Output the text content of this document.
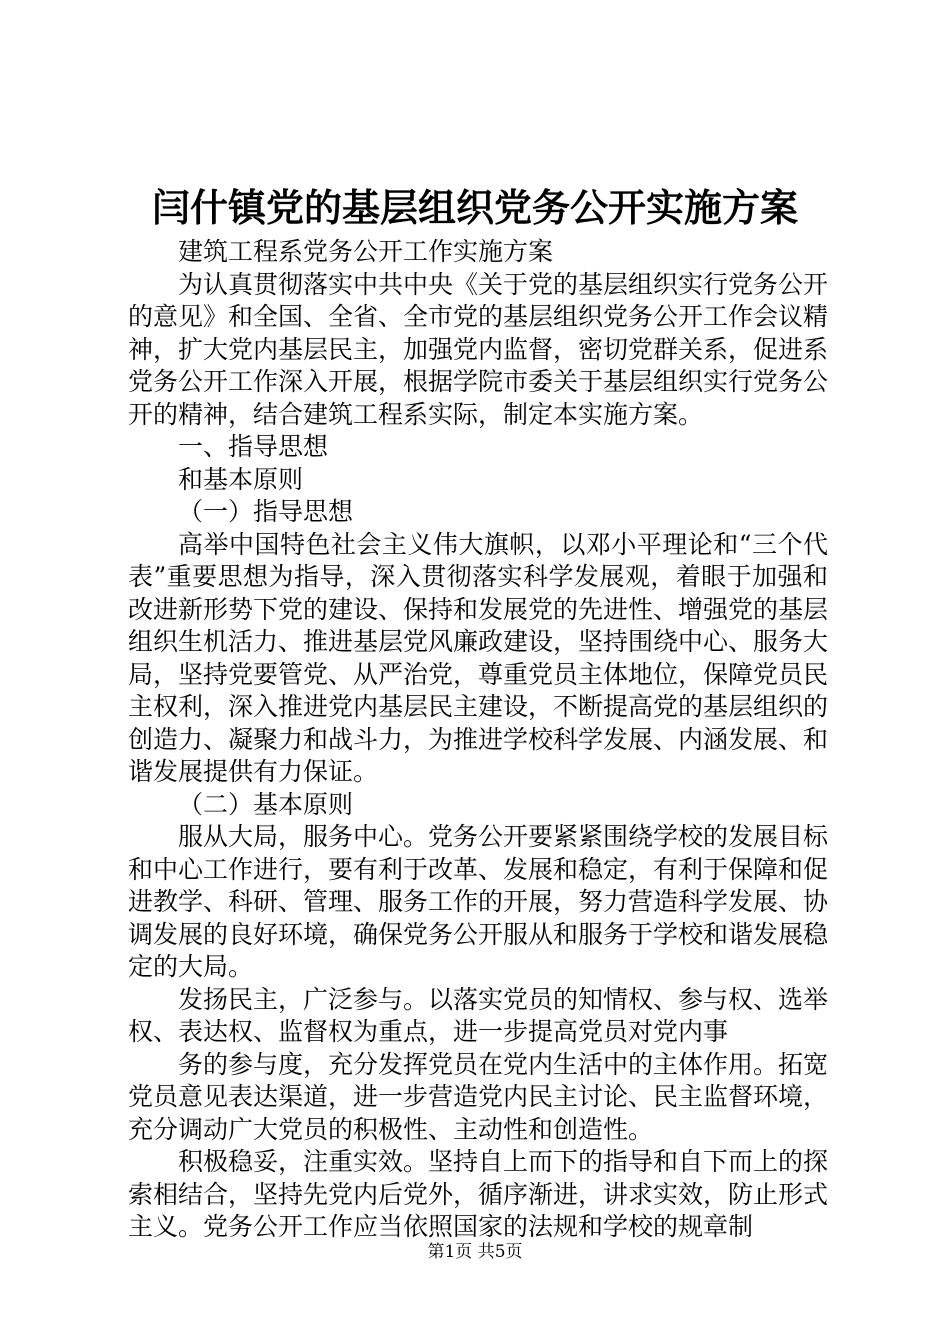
闫什镇党的基层组织党务公开实施方案

建筑工程系党务公开工作实施方案

为认真贯彻落实中共中央《关于党的基层组织实行党务公开的意见》和全国、全省、全市党的基层组织党务公开工作会议精神，扩大党内基层民主，加强党内监督，密切党群关系，促进系党务公开工作深入开展，根据学院市委关于基层组织实行党务公开的精神，结合建筑工程系实际，制定本实施方案。

一、指导思想

和基本原则

（一）指导思想

高举中国特色社会主义伟大旗帜，以邓小平理论和“三个代表”重要思想为指导，深入贯彻落实科学发展观，着眼于加强和改进新形势下党的建设、保持和发展党的先进性、增强党的基层组织生机活力、推进基层党风廉政建设，坚持围绕中心、服务大局，坚持党要管党、从严治党，尊重党员主体地位，保障党员民主权利，深入推进党内基层民主建设，不断提高党的基层组织的创造力、凝聚力和战斗力，为推进学校科学发展、内涵发展、和谐发展提供有力保证。

（二）基本原则

服从大局，服务中心。党务公开要紧紧围绕学校的发展目标和中心工作进行，要有利于改革、发展和稳定，有利于保障和促进教学、科研、管理、服务工作的开展，努力营造科学发展、协调发展的良好环境，确保党务公开服从和服务于学校和谐发展稳定的大局。

发扬民主，广泛参与。以落实党员的知情权、参与权、选举权、表达权、监督权为重点，进一步提高党员对党内事

务的参与度，充分发挥党员在党内生活中的主体作用。拓宽党员意见表达渠道，进一步营造党内民主讨论、民主监督环境，充分调动广大党员的积极性、主动性和创造性。

积极稳妥，注重实效。坚持自上而下的指导和自下而上的探索相结合，坚持先党内后党外，循序渐进，讲求实效，防止形式主义。党务公开工作应当依照国家的法规和学校的规章制

第1页 共5页
